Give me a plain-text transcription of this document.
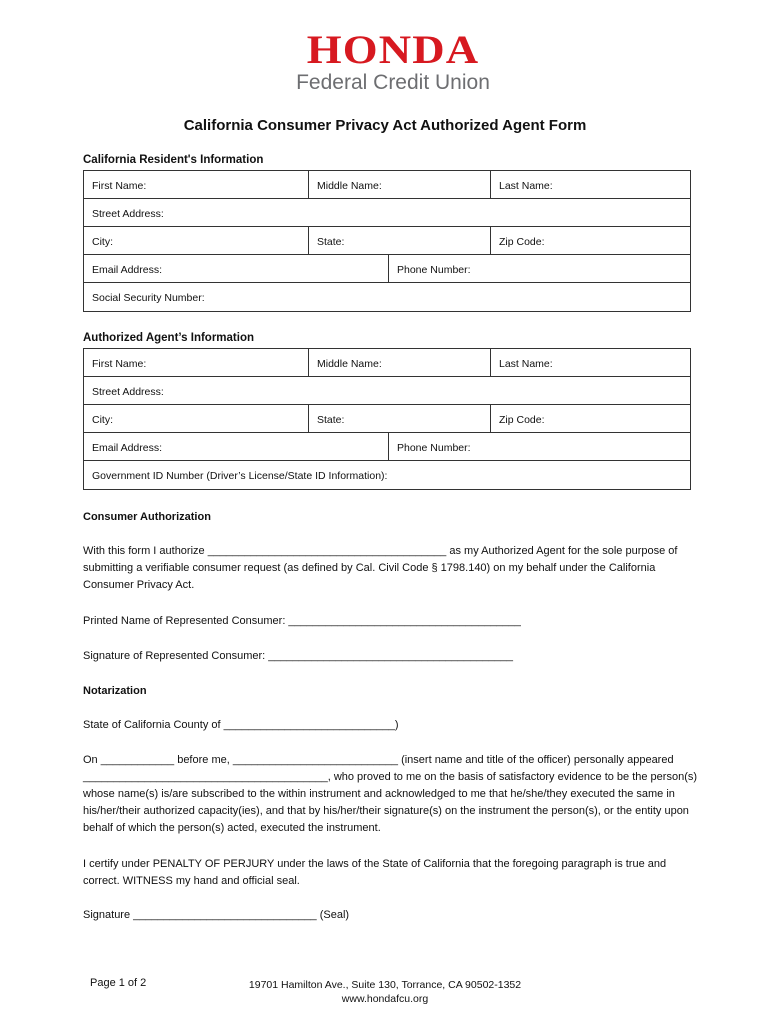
HONDA
Federal Credit Union
California Consumer Privacy Act Authorized Agent Form
California Resident's Information
First Name:	Middle Name:	Last Name:
Street Address:
City:	State:	Zip Code:
Email Address:	Phone Number:
Social Security Number:
Authorized Agent’s Information
First Name:	Middle Name:	Last Name:
Street Address:
City:	State:	Zip Code:
Email Address:	Phone Number:
Government ID Number (Driver’s License/State ID Information):
Consumer Authorization
With this form I authorize _______________________________________ as my Authorized Agent for the sole purpose of submitting a verifiable consumer request (as defined by Cal. Civil Code § 1798.140) on my behalf under the California Consumer Privacy Act.
Printed Name of Represented Consumer: ______________________________________
Signature of Represented Consumer: ________________________________________
Notarization
State of California County of ____________________________)
On ____________ before me, ___________________________ (insert name and title of the officer) personally appeared ________________________________________, who proved to me on the basis of satisfactory evidence to be the person(s) whose name(s) is/are subscribed to the within instrument and acknowledged to me that he/she/they executed the same in his/her/their authorized capacity(ies), and that by his/her/their signature(s) on the instrument the person(s), or the entity upon behalf of which the person(s) acted, executed the instrument.
I certify under PENALTY OF PERJURY under the laws of the State of California that the foregoing paragraph is true and correct. WITNESS my hand and official seal.
Signature ______________________________ (Seal)
Page 1 of 2	19701 Hamilton Ave., Suite 130, Torrance, CA 90502-1352
www.hondafcu.org
